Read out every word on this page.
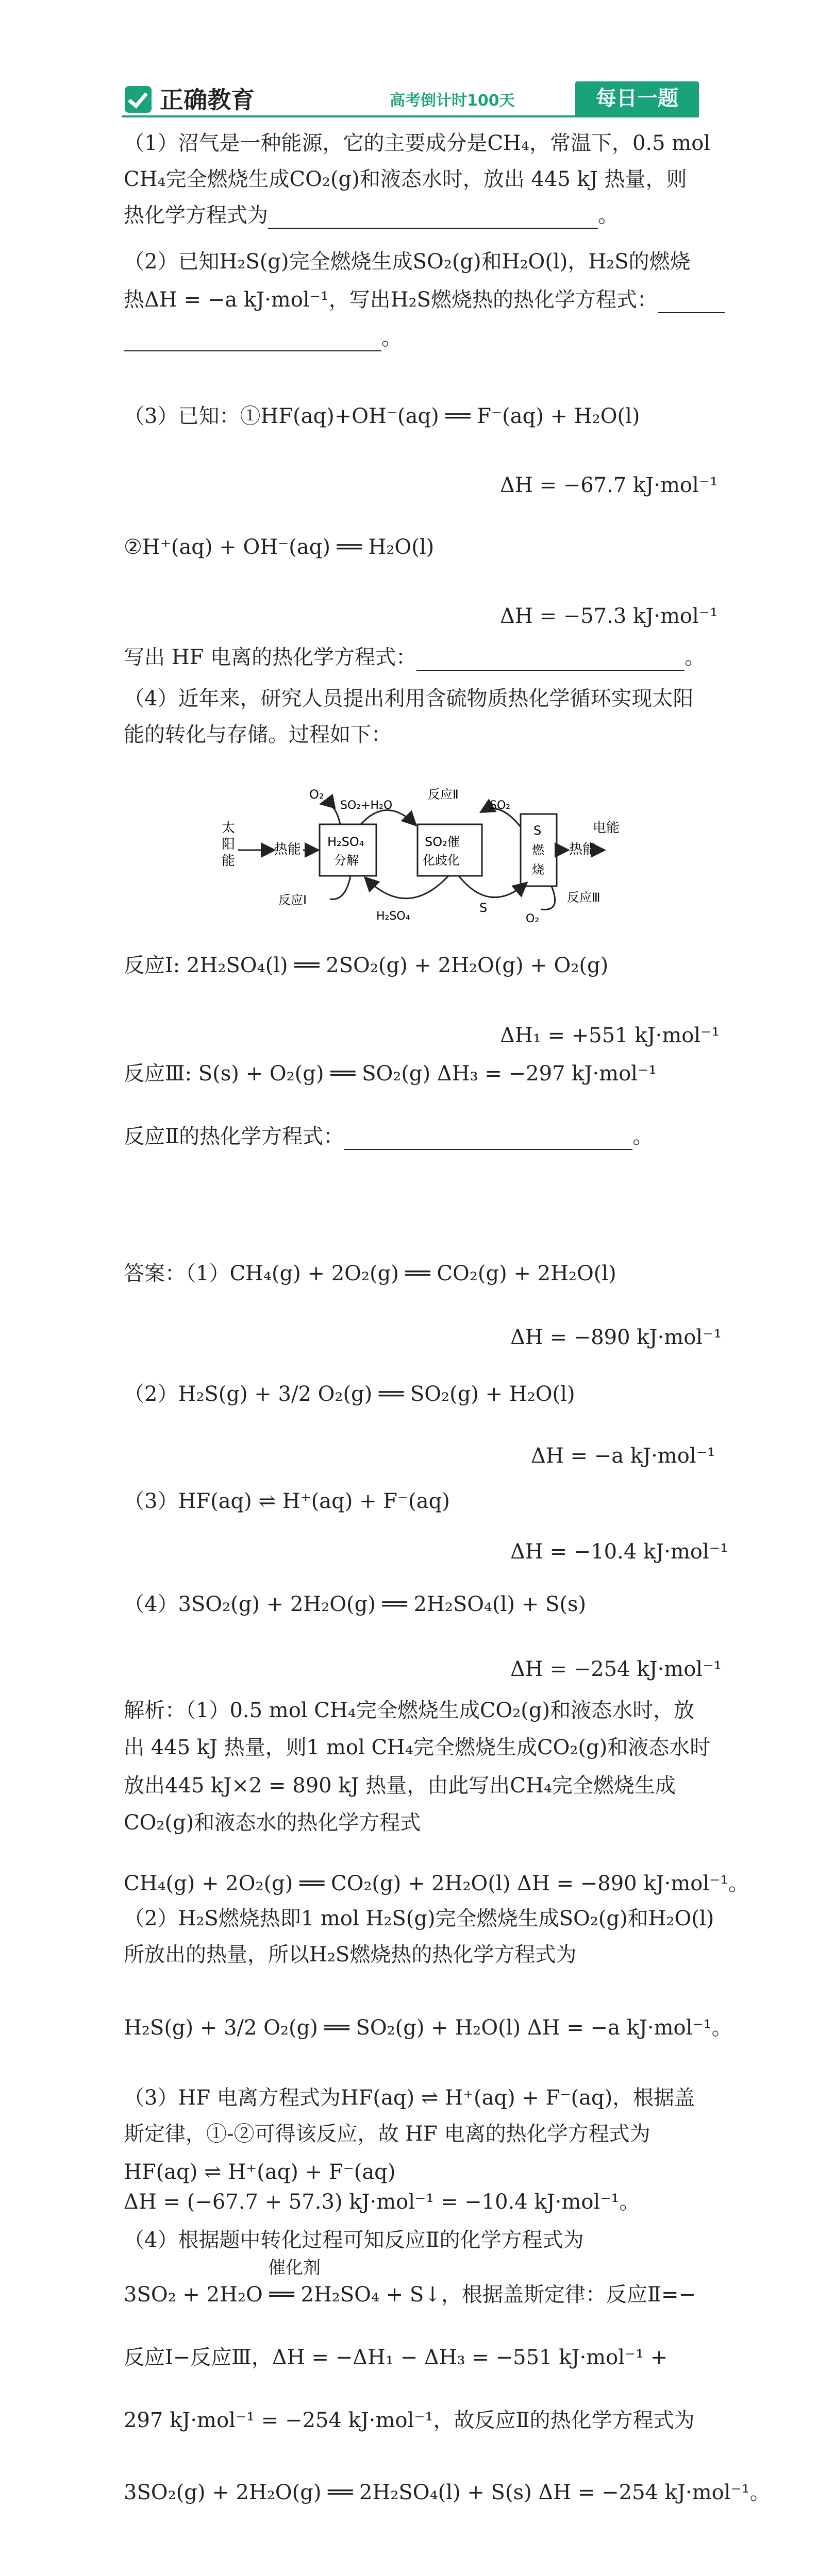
正确教育	高考倒计时100天	每日一题
（1）沼气是一种能源，它的主要成分是CH₄，常温下，0.5 mol
CH₄完全燃烧生成CO₂(g)和液态水时，放出 445 kJ 热量，则
热化学方程式为	。
（2）已知H₂S(g)完全燃烧生成SO₂(g)和H₂O(l)，H₂S的燃烧
热ΔH = −a kJ·mol⁻¹，写出H₂S燃烧热的热化学方程式：
。
（3）已知：①HF(aq)+OH⁻(aq) ══ F⁻(aq) + H₂O(l)
ΔH = −67.7 kJ·mol⁻¹
②H⁺(aq) + OH⁻(aq) ══ H₂O(l)
ΔH = −57.3 kJ·mol⁻¹
写出 HF 电离的热化学方程式：	。
（4）近年来，研究人员提出利用含硫物质热化学循环实现太阳
能的转化与存储。过程如下：
太
阳
能
热能 H₂SO₄
分解
SO₂催
化歧化
S
燃
烧
热能
电能
O₂
SO₂+H₂O
反应Ⅱ
SO₂
反应Ⅰ
H₂SO₄
S
反应Ⅲ
O₂
反应Ⅰ: 2H₂SO₄(l) ══ 2SO₂(g) + 2H₂O(g) + O₂(g)
ΔH₁ = +551 kJ·mol⁻¹
反应Ⅲ: S(s) + O₂(g) ══ SO₂(g) ΔH₃ = −297 kJ·mol⁻¹
反应Ⅱ的热化学方程式：	。
答案：（1）CH₄(g) + 2O₂(g) ══ CO₂(g) + 2H₂O(l)
ΔH = −890 kJ·mol⁻¹
（2）H₂S(g) + 3/2 O₂(g) ══ SO₂(g) + H₂O(l)
ΔH = −a kJ·mol⁻¹
（3）HF(aq) ⇌ H⁺(aq) + F⁻(aq)
ΔH = −10.4 kJ·mol⁻¹
（4）3SO₂(g) + 2H₂O(g) ══ 2H₂SO₄(l) + S(s)
ΔH = −254 kJ·mol⁻¹
解析：（1）0.5 mol CH₄完全燃烧生成CO₂(g)和液态水时，放
出 445 kJ 热量，则1 mol CH₄完全燃烧生成CO₂(g)和液态水时
放出445 kJ×2 = 890 kJ 热量，由此写出CH₄完全燃烧生成
CO₂(g)和液态水的热化学方程式
CH₄(g) + 2O₂(g) ══ CO₂(g) + 2H₂O(l) ΔH = −890 kJ·mol⁻¹。
（2）H₂S燃烧热即1 mol H₂S(g)完全燃烧生成SO₂(g)和H₂O(l)
所放出的热量，所以H₂S燃烧热的热化学方程式为
H₂S(g) + 3/2 O₂(g) ══ SO₂(g) + H₂O(l) ΔH = −a kJ·mol⁻¹。
（3）HF 电离方程式为HF(aq) ⇌ H⁺(aq) + F⁻(aq)，根据盖
斯定律，①-②可得该反应，故 HF 电离的热化学方程式为
HF(aq) ⇌ H⁺(aq) + F⁻(aq)
ΔH = (−67.7 + 57.3) kJ·mol⁻¹ = −10.4 kJ·mol⁻¹。
（4）根据题中转化过程可知反应Ⅱ的化学方程式为
催化剂
3SO₂ + 2H₂O ══ 2H₂SO₄ + S↓，根据盖斯定律：反应Ⅱ=−
反应Ⅰ−反应Ⅲ，ΔH = −ΔH₁ − ΔH₃ = −551 kJ·mol⁻¹ +
297 kJ·mol⁻¹ = −254 kJ·mol⁻¹，故反应Ⅱ的热化学方程式为
3SO₂(g) + 2H₂O(g) ══ 2H₂SO₄(l) + S(s) ΔH = −254 kJ·mol⁻¹。
